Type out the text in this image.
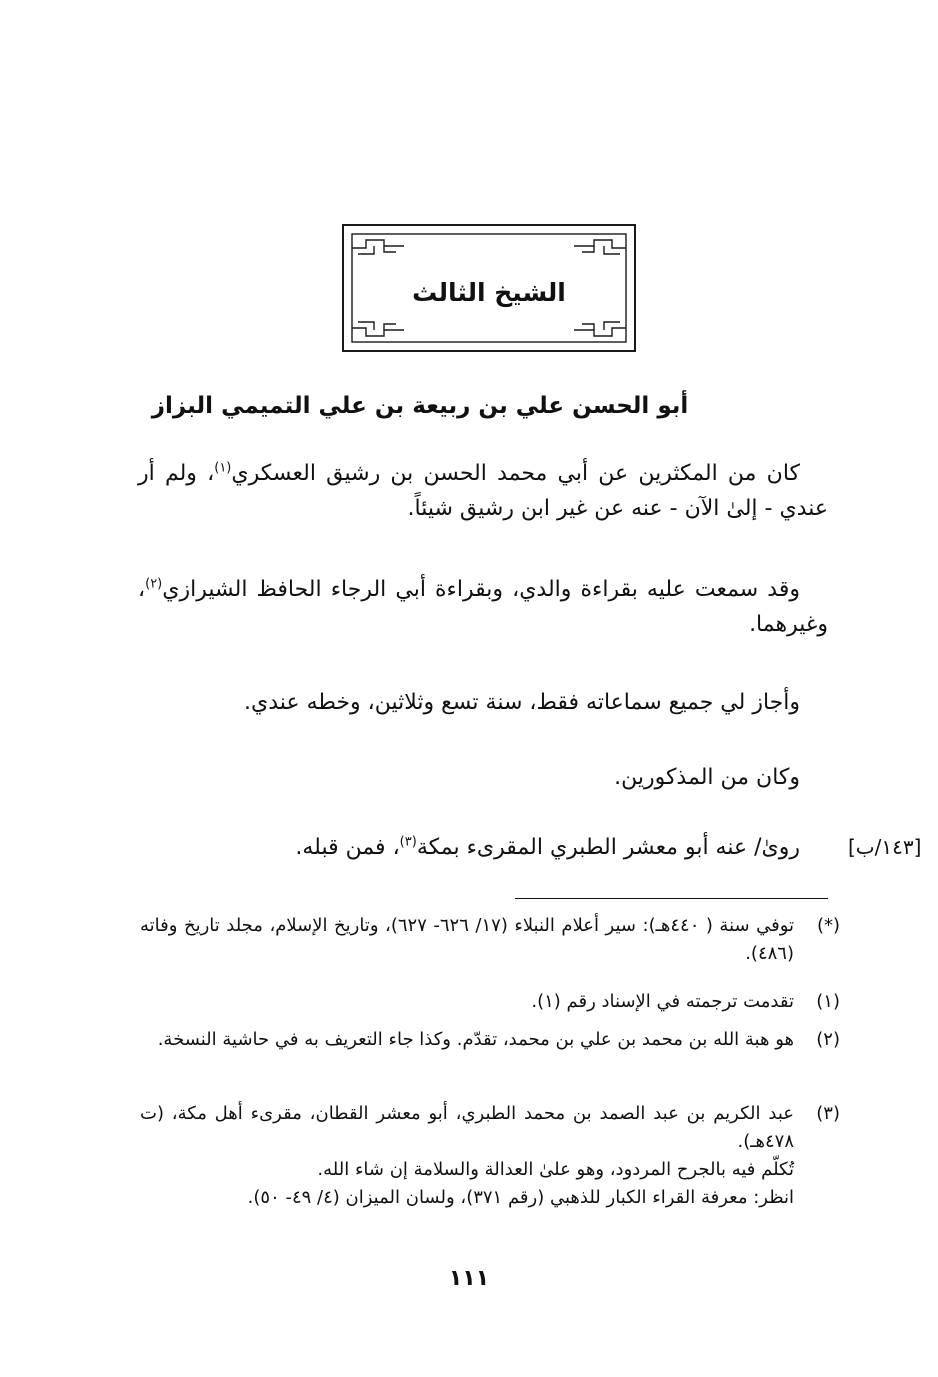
الشيخ الثالث
أبو الحسن علي بن ربيعة بن علي التميمي البزاز
كان من المكثرين عن أبي محمد الحسن بن رشيق العسكري$^{(١)}$، ولم أر عندي - إلىٰ الآن - عنه عن غير ابن رشيق شيئاً.
وقد سمعت عليه بقراءة والدي، وبقراءة أبي الرجاء الحافظ الشيرازي$^{(٢)}$، وغيرهما.
وأجاز لي جميع سماعاته فقط، سنة تسع وثلاثين، وخطه عندي.
وكان من المذكورين.
رویٰ/ عنه أبو معشر الطبري المقرىء بمكة$^{(٣)}$، فمن قبله.	[١٤٣/ب]
(*)
توفي سنة ( ٤٤٠هـ): سير أعلام النبلاء (١٧/ ٦٢٦- ٦٢٧)، وتاريخ الإسلام، مجلد تاريخ وفاته (٤٨٦).
(١)
تقدمت ترجمته في الإسناد رقم (١).
(٢)
هو هبة الله بن محمد بن علي بن محمد، تقدّم. وكذا جاء التعريف به في حاشية النسخة.
(٣)
عبد الكريم بن عبد الصمد بن محمد الطبري، أبو معشر القطان، مقرىء أهل مكة، (ت ٤٧٨هـ).
تُكلّم فيه بالجرح المردود، وهو علىٰ العدالة والسلامة إن شاء الله.
انظر: معرفة القراء الكبار للذهبي (رقم ٣٧١)، ولسان الميزان (٤/ ٤٩- ٥٠).
١١١
